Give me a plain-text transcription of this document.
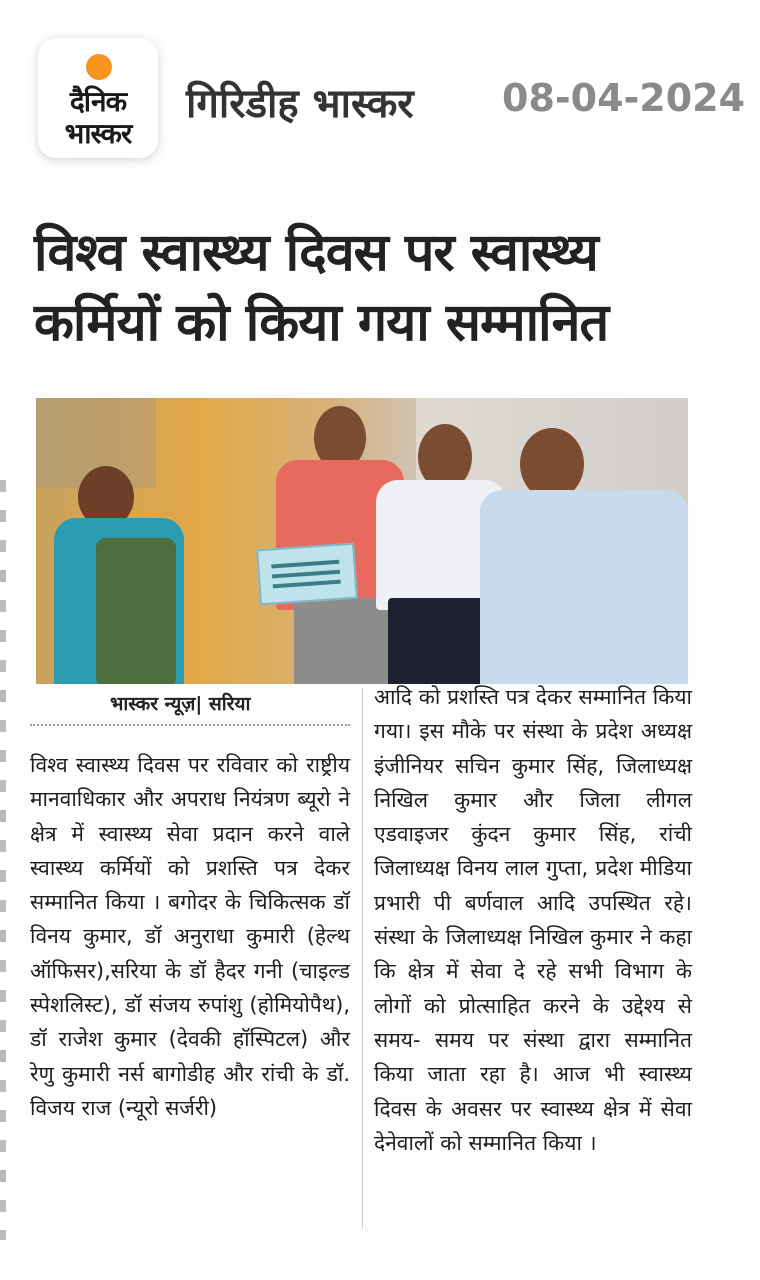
दैनिक
भास्कर
गिरिडीह भास्कर 08-04-2024
विश्व स्वास्थ्य दिवस पर स्वास्थ्य कर्मियों को किया गया सम्मानित
भास्कर न्यूज़| सरिया
विश्व स्वास्थ्य दिवस पर रविवार को राष्ट्रीय मानवाधिकार और अपराध नियंत्रण ब्यूरो ने क्षेत्र में स्वास्थ्य सेवा प्रदान करने वाले स्वास्थ्य कर्मियों को प्रशस्ति पत्र देकर सम्मानित किया । बगोदर के चिकित्सक डॉ विनय कुमार, डॉ अनुराधा कुमारी (हेल्थ ऑफिसर),सरिया के डॉ हैदर गनी (चाइल्ड स्पेशलिस्ट), डॉ संजय रुपांशु (होमियोपैथ), डॉ राजेश कुमार (देवकी हॉस्पिटल) और रेणु कुमारी नर्स बागोडीह और रांची के डॉ. विजय राज (न्यूरो सर्जरी)
आदि को प्रशस्ति पत्र देकर सम्मानित किया गया। इस मौके पर संस्था के प्रदेश अध्यक्ष इंजीनियर सचिन कुमार सिंह, जिलाध्यक्ष निखिल कुमार और जिला लीगल एडवाइजर कुंदन कुमार सिंह, रांची जिलाध्यक्ष विनय लाल गुप्ता, प्रदेश मीडिया प्रभारी पी बर्णवाल आदि उपस्थित रहे। संस्था के जिलाध्यक्ष निखिल कुमार ने कहा कि क्षेत्र में सेवा दे रहे सभी विभाग के लोगों को प्रोत्साहित करने के उद्देश्य से समय- समय पर संस्था द्वारा सम्मानित किया जाता रहा है। आज भी स्वास्थ्य दिवस के अवसर पर स्वास्थ्य क्षेत्र में सेवा देनेवालों को सम्मानित किया ।
